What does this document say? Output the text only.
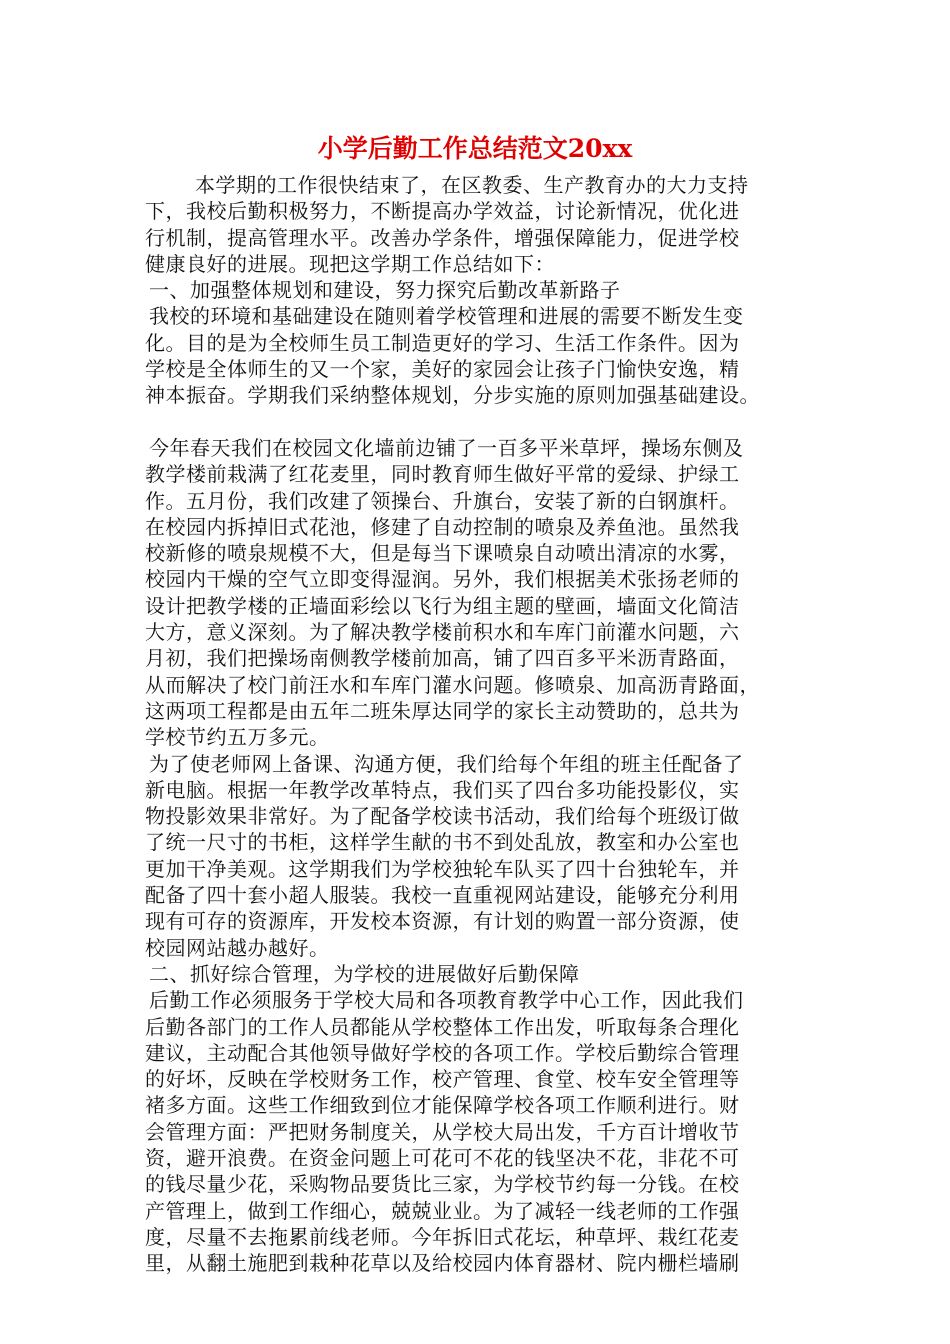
小学后勤工作总结范文20xx
本学期的工作很快结束了，在区教委、生产教育办的大力支持
下，我校后勤积极努力，不断提高办学效益，讨论新情况，优化进
行机制，提高管理水平。改善办学条件，增强保障能力，促进学校
健康良好的进展。现把这学期工作总结如下：
一、加强整体规划和建设，努力探究后勤改革新路子
我校的环境和基础建设在随则着学校管理和进展的需要不断发生变
化。目的是为全校师生员工制造更好的学习、生活工作条件。因为
学校是全体师生的又一个家，美好的家园会让孩子门愉快安逸，精
神本振奋。学期我们采纳整体规划，分步实施的原则加强基础建设。
今年春天我们在校园文化墙前边铺了一百多平米草坪，操场东侧及
教学楼前栽满了红花麦里，同时教育师生做好平常的爱绿、护绿工
作。五月份，我们改建了领操台、升旗台，安装了新的白钢旗杆。
在校园内拆掉旧式花池，修建了自动控制的喷泉及养鱼池。虽然我
校新修的喷泉规模不大，但是每当下课喷泉自动喷出清凉的水雾，
校园内干燥的空气立即变得湿润。另外，我们根据美术张扬老师的
设计把教学楼的正墙面彩绘以飞行为组主题的壁画，墙面文化简洁
大方，意义深刻。为了解决教学楼前积水和车库门前灌水问题，六
月初，我们把操场南侧教学楼前加高，铺了四百多平米沥青路面，
从而解决了校门前汪水和车库门灌水问题。修喷泉、加高沥青路面，
这两项工程都是由五年二班朱厚达同学的家长主动赞助的，总共为
学校节约五万多元。
为了使老师网上备课、沟通方便，我们给每个年组的班主任配备了
新电脑。根据一年教学改革特点，我们买了四台多功能投影仪，实
物投影效果非常好。为了配备学校读书活动，我们给每个班级订做
了统一尺寸的书柜，这样学生献的书不到处乱放，教室和办公室也
更加干净美观。这学期我们为学校独轮车队买了四十台独轮车，并
配备了四十套小超人服装。我校一直重视网站建设，能够充分利用
现有可存的资源库，开发校本资源，有计划的购置一部分资源，使
校园网站越办越好。
二、抓好综合管理，为学校的进展做好后勤保障
后勤工作必须服务于学校大局和各项教育教学中心工作，因此我们
后勤各部门的工作人员都能从学校整体工作出发，听取每条合理化
建议，主动配合其他领导做好学校的各项工作。学校后勤综合管理
的好坏，反映在学校财务工作，校产管理、食堂、校车安全管理等
褚多方面。这些工作细致到位才能保障学校各项工作顺利进行。财
会管理方面：严把财务制度关，从学校大局出发，千方百计增收节
资，避开浪费。在资金问题上可花可不花的钱坚决不花，非花不可
的钱尽量少花，采购物品要货比三家，为学校节约每一分钱。在校
产管理上，做到工作细心，兢兢业业。为了减轻一线老师的工作强
度，尽量不去拖累前线老师。今年拆旧式花坛，种草坪、栽红花麦
里，从翻土施肥到栽种花草以及给校园内体育器材、院内栅栏墙刷
